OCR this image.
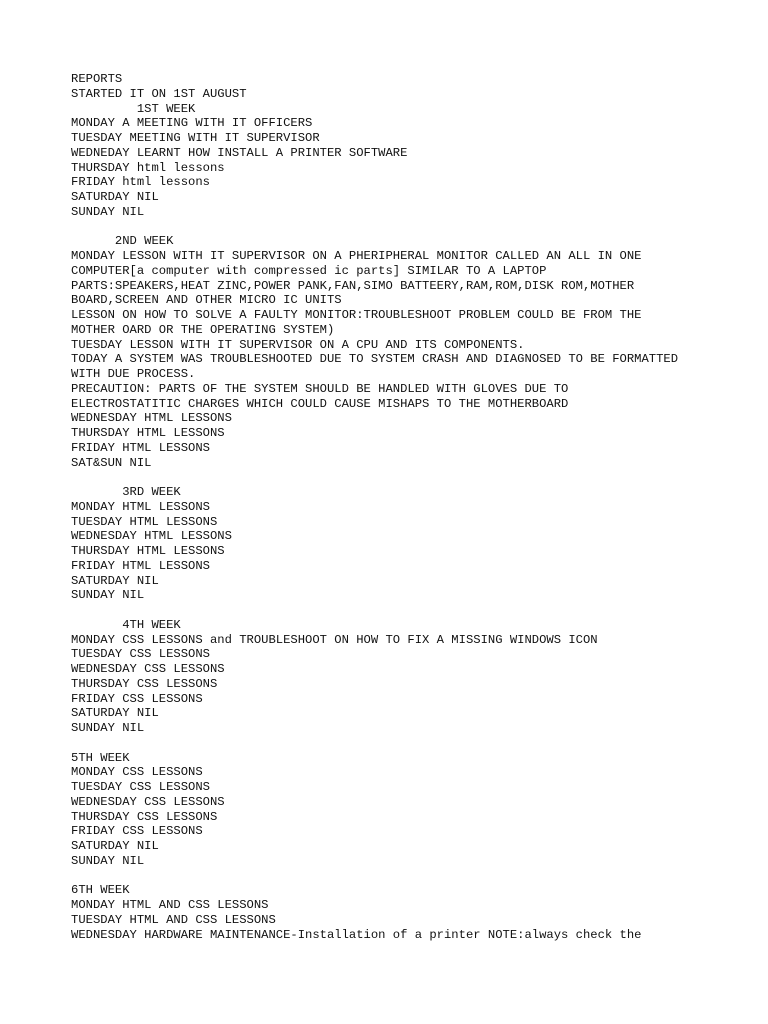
REPORTS
STARTED IT ON 1ST AUGUST
1ST WEEK
MONDAY A MEETING WITH IT OFFICERS
TUESDAY MEETING WITH IT SUPERVISOR
WEDNEDAY LEARNT HOW INSTALL A PRINTER SOFTWARE
THURSDAY html lessons
FRIDAY html lessons
SATURDAY NIL
SUNDAY NIL
2ND WEEK
MONDAY LESSON WITH IT SUPERVISOR ON A PHERIPHERAL MONITOR CALLED AN ALL IN ONE
COMPUTER[a computer with compressed ic parts] SIMILAR TO A LAPTOP
PARTS:SPEAKERS,HEAT ZINC,POWER PANK,FAN,SIMO BATTEERY,RAM,ROM,DISK ROM,MOTHER
BOARD,SCREEN AND OTHER MICRO IC UNITS
LESSON ON HOW TO SOLVE A FAULTY MONITOR:TROUBLESHOOT PROBLEM COULD BE FROM THE
MOTHER OARD OR THE OPERATING SYSTEM)
TUESDAY LESSON WITH IT SUPERVISOR ON A CPU AND ITS COMPONENTS.
TODAY A SYSTEM WAS TROUBLESHOOTED DUE TO SYSTEM CRASH AND DIAGNOSED TO BE FORMATTED
WITH DUE PROCESS.
PRECAUTION: PARTS OF THE SYSTEM SHOULD BE HANDLED WITH GLOVES DUE TO
ELECTROSTATITIC CHARGES WHICH COULD CAUSE MISHAPS TO THE MOTHERBOARD
WEDNESDAY HTML LESSONS
THURSDAY HTML LESSONS
FRIDAY HTML LESSONS
SAT&SUN NIL
3RD WEEK
MONDAY HTML LESSONS
TUESDAY HTML LESSONS
WEDNESDAY HTML LESSONS
THURSDAY HTML LESSONS
FRIDAY HTML LESSONS
SATURDAY NIL
SUNDAY NIL
4TH WEEK
MONDAY CSS LESSONS and TROUBLESHOOT ON HOW TO FIX A MISSING WINDOWS ICON
TUESDAY CSS LESSONS
WEDNESDAY CSS LESSONS
THURSDAY CSS LESSONS
FRIDAY CSS LESSONS
SATURDAY NIL
SUNDAY NIL
5TH WEEK
MONDAY CSS LESSONS
TUESDAY CSS LESSONS
WEDNESDAY CSS LESSONS
THURSDAY CSS LESSONS
FRIDAY CSS LESSONS
SATURDAY NIL
SUNDAY NIL
6TH WEEK
MONDAY HTML AND CSS LESSONS
TUESDAY HTML AND CSS LESSONS
WEDNESDAY HARDWARE MAINTENANCE-Installation of a printer NOTE:always check the
